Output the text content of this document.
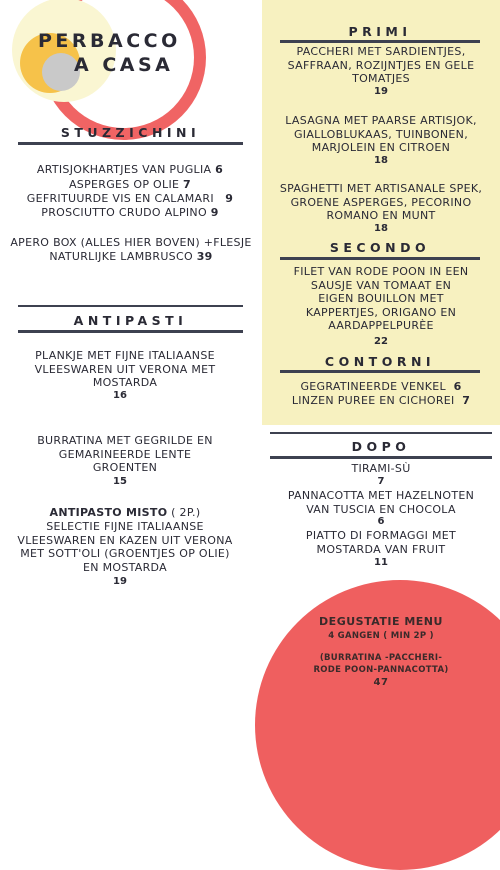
PERBACCO
A CASA
STUZZICHINI
ARTISJOKHARTJES VAN PUGLIA 6
ASPERGES OP OLIE 7
GEFRITUURDE VIS EN CALAMARI 9
PROSCIUTTO CRUDO ALPINO 9
APERO BOX (ALLES HIER BOVEN) +FLESJE
NATURLIJKE LAMBRUSCO 39
ANTIPASTI
PLANKJE MET FIJNE ITALIAANSE
VLEESWAREN UIT VERONA MET
MOSTARDA
16
BURRATINA MET GEGRILDE EN
GEMARINEERDE LENTE
GROENTEN
15
ANTIPASTO MISTO ( 2P.)
SELECTIE FIJNE ITALIAANSE
VLEESWAREN EN KAZEN UIT VERONA
MET SOTT'OLI (GROENTJES OP OLIE)
EN MOSTARDA
19
PRIMI
PACCHERI MET SARDIENTJES,
SAFFRAAN, ROZIJNTJES EN GELE
TOMATJES
19
LASAGNA MET PAARSE ARTISJOK,
GIALLOBLUKAAS, TUINBONEN,
MARJOLEIN EN CITROEN
18
SPAGHETTI MET ARTISANALE SPEK,
GROENE ASPERGES, PECORINO
ROMANO EN MUNT
18
SECONDO
FILET VAN RODE POON IN EEN
SAUSJE VAN TOMAAT EN
EIGEN BOUILLON MET
KAPPERTJES, ORIGANO EN
AARDAPPELPURÈE
22
CONTORNI
GEGRATINEERDE VENKEL 6
LINZEN PUREE EN CICHOREI 7
DOPO
TIRAMI-SÙ
7
PANNACOTTA MET HAZELNOTEN
VAN TUSCIA EN CHOCOLA
6
PIATTO DI FORMAGGI MET
MOSTARDA VAN FRUIT
11
DEGUSTATIE MENU
4 GANGEN ( MIN 2P )
(BURRATINA -PACCHERI-
RODE POON-PANNACOTTA)
47
